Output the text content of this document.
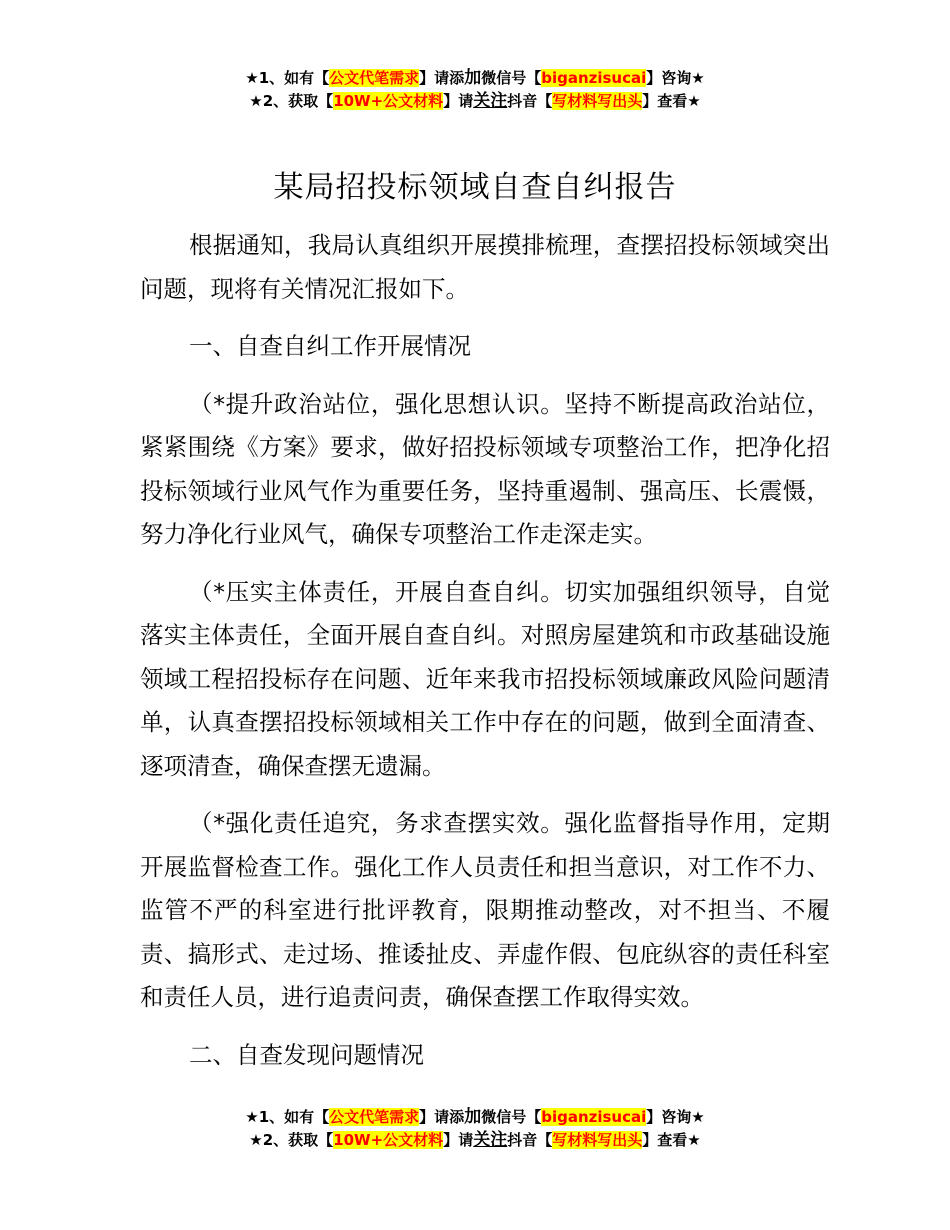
★1、如有【公文代笔需求】请添加微信号【biganzisucai】咨询★
★2、获取【10W+公文材料】请关注抖音【写材料写出头】查看★
某局招投标领域自查自纠报告

根据通知，我局认真组织开展摸排梳理，查摆招投标领域突出问题，现将有关情况汇报如下。

一、自查自纠工作开展情况

（*提升政治站位，强化思想认识。坚持不断提高政治站位，紧紧围绕《方案》要求，做好招投标领域专项整治工作，把净化招投标领域行业风气作为重要任务，坚持重遏制、强高压、长震慑，努力净化行业风气，确保专项整治工作走深走实。

（*压实主体责任，开展自查自纠。切实加强组织领导，自觉落实主体责任，全面开展自查自纠。对照房屋建筑和市政基础设施领域工程招投标存在问题、近年来我市招投标领域廉政风险问题清单，认真查摆招投标领域相关工作中存在的问题，做到全面清查、逐项清查，确保查摆无遗漏。

（*强化责任追究，务求查摆实效。强化监督指导作用，定期开展监督检查工作。强化工作人员责任和担当意识，对工作不力、监管不严的科室进行批评教育，限期推动整改，对不担当、不履责、搞形式、走过场、推诿扯皮、弄虚作假、包庇纵容的责任科室和责任人员，进行追责问责，确保查摆工作取得实效。

二、自查发现问题情况

★1、如有【公文代笔需求】请添加微信号【biganzisucai】咨询★
★2、获取【10W+公文材料】请关注抖音【写材料写出头】查看★
